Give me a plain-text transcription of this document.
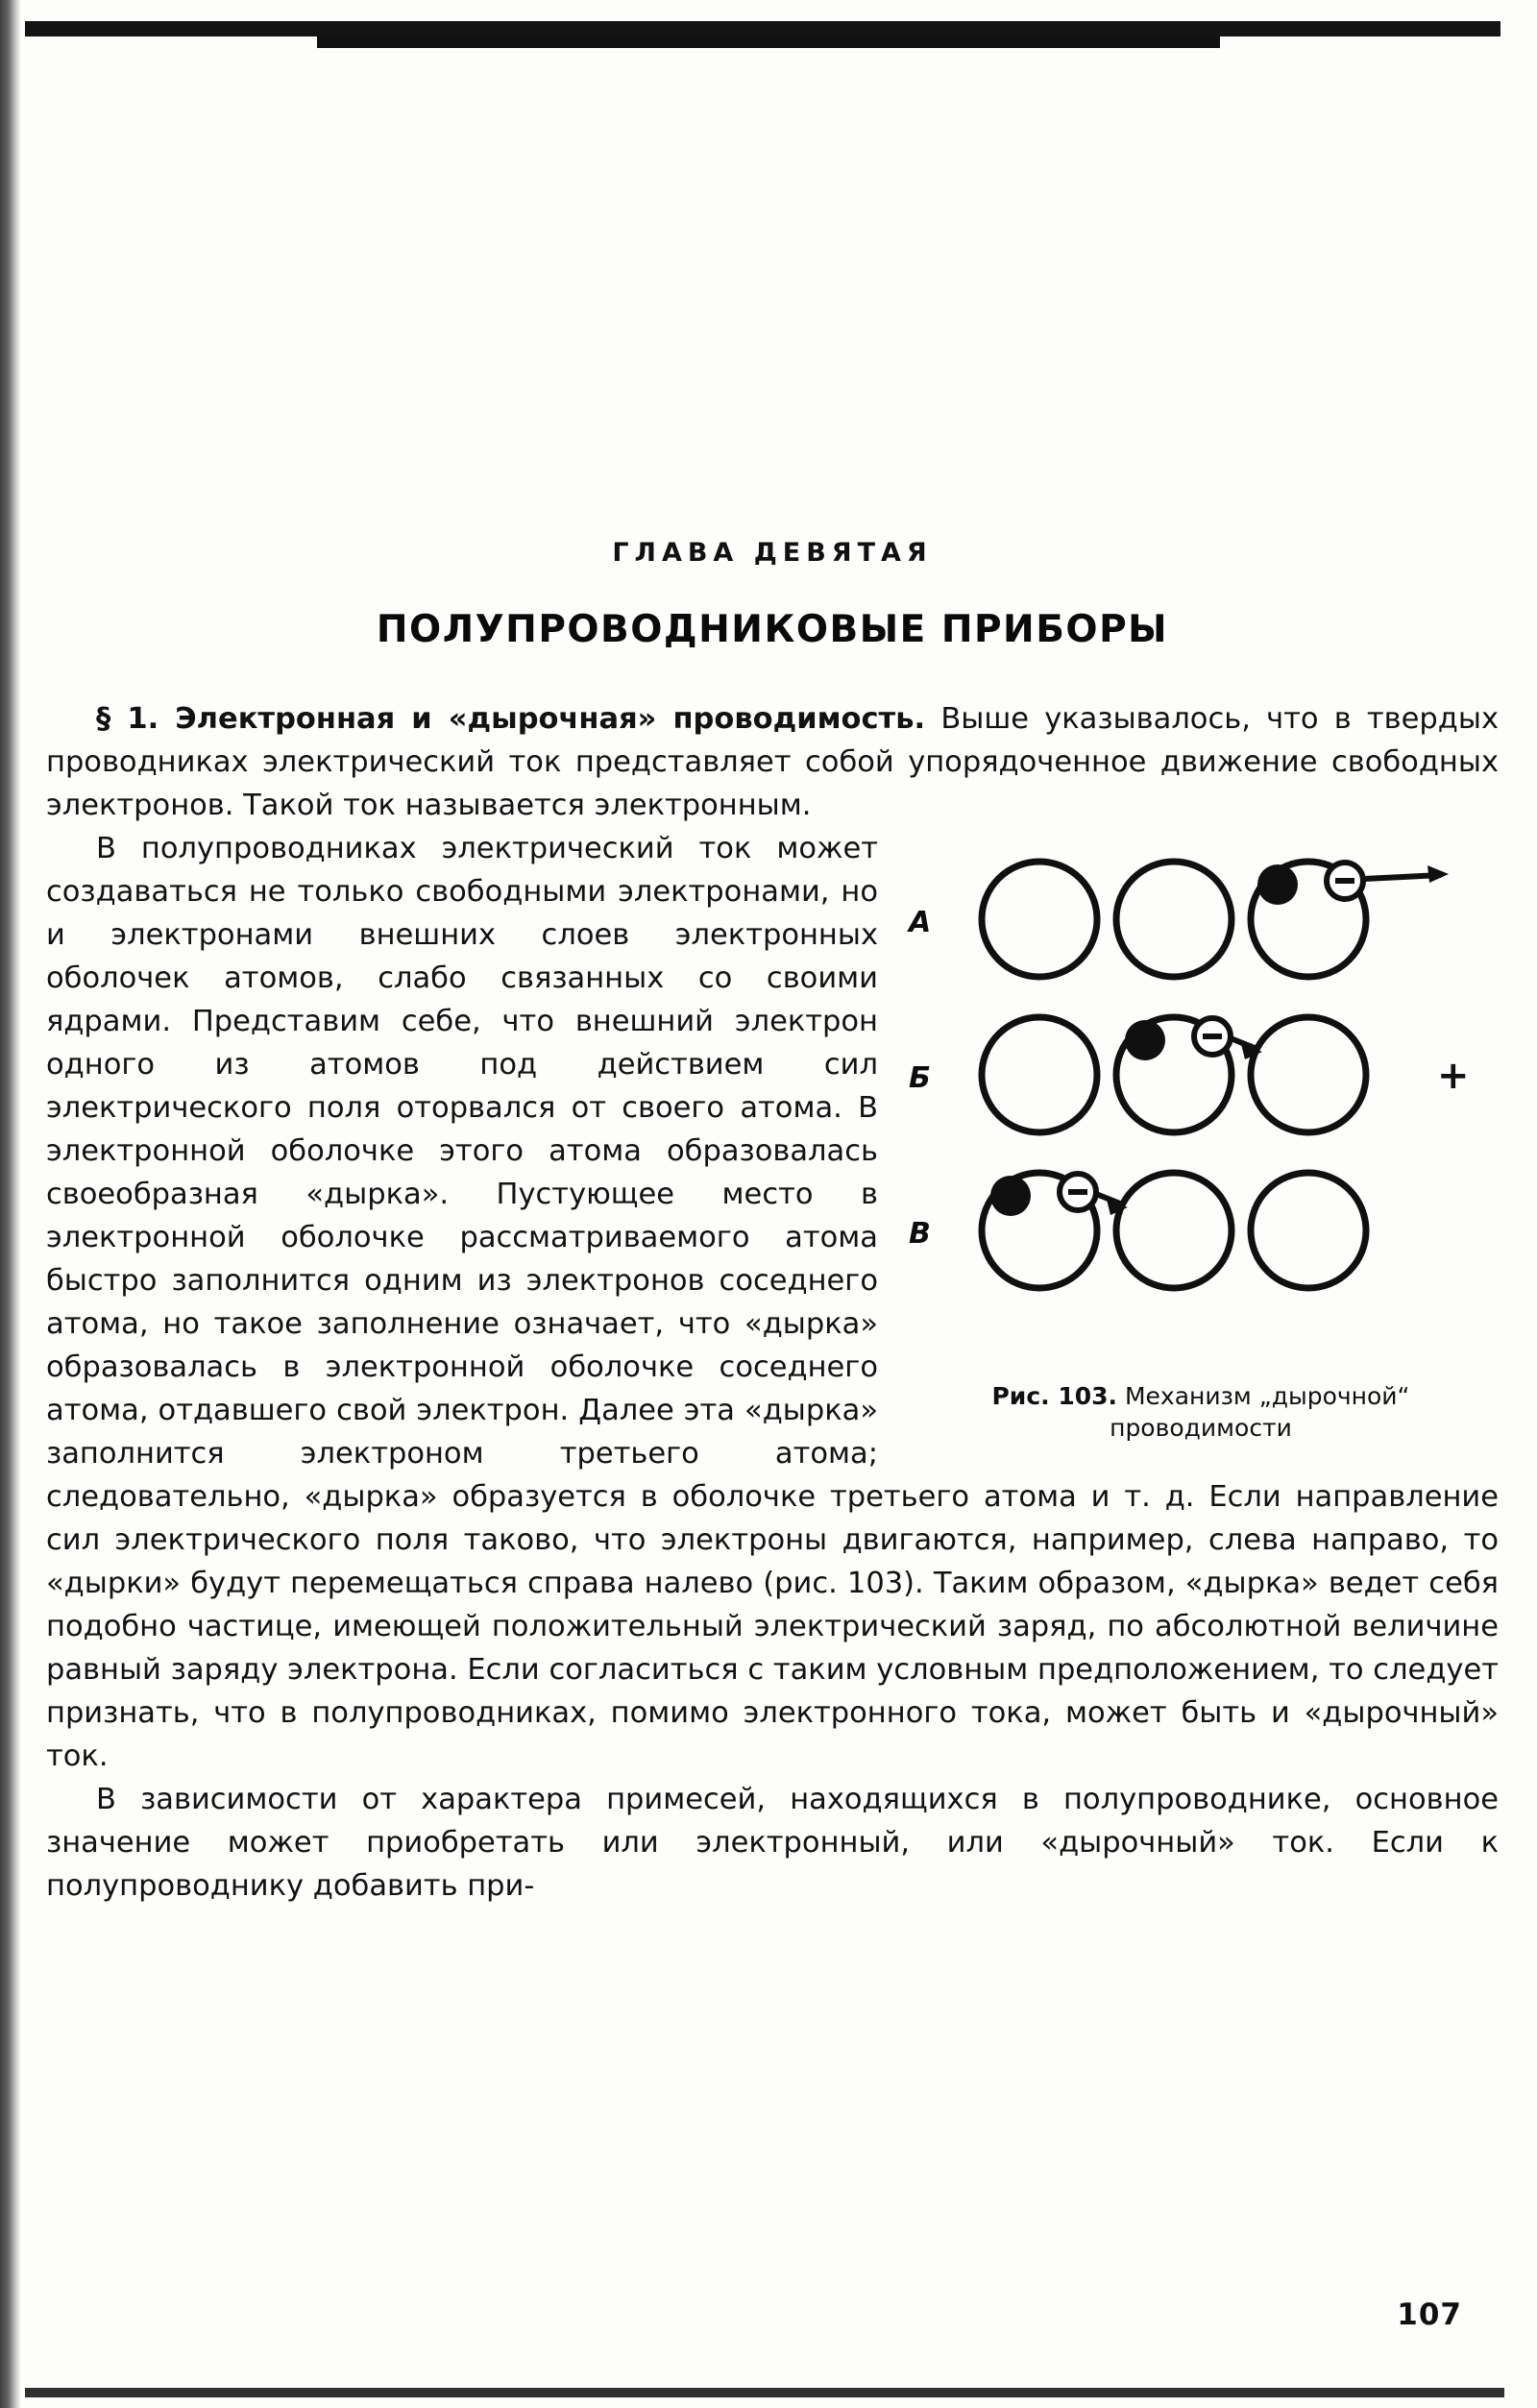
ГЛАВА ДЕВЯТАЯ
ПОЛУПРОВОДНИКОВЫЕ ПРИБОРЫ

§ 1. Электронная и «дырочная» проводимость. Выше указывалось, что в твердых проводниках электрический ток представляет собой упорядоченное движение свободных электронов. Такой ток называется электронным.

А
Б
В
+
Рис. 103. Механизм „дырочной“
проводимости

В полупроводниках электрический ток может создаваться не только свободными электронами, но и электронами внешних слоев электронных оболочек атомов, слабо связанных со своими ядрами. Представим себе, что внешний электрон одного из атомов под действием сил электрического поля оторвался от своего атома. В электронной оболочке этого атома образовалась своеобразная «дырка». Пустующее место в электронной оболочке рассматриваемого атома быстро заполнится одним из электронов соседнего атома, но такое заполнение означает, что «дырка» образовалась в электронной оболочке соседнего атома, отдавшего свой электрон. Далее эта «дырка» заполнится электроном третьего атома; следовательно, «дырка» образуется в оболочке третьего атома и т. д. Если направление сил электрического поля таково, что электроны двигаются, например, слева направо, то «дырки» будут перемещаться справа налево (рис. 103). Таким образом, «дырка» ведет себя подобно частице, имеющей положительный электрический заряд, по абсолютной величине равный заряду электрона. Если согласиться с таким условным предположением, то следует признать, что в полупроводниках, помимо электронного тока, может быть и «дырочный» ток.

В зависимости от характера примесей, находящихся в полупроводнике, основное значение может приобретать или электронный, или «дырочный» ток. Если к полупроводнику добавить при-

107
